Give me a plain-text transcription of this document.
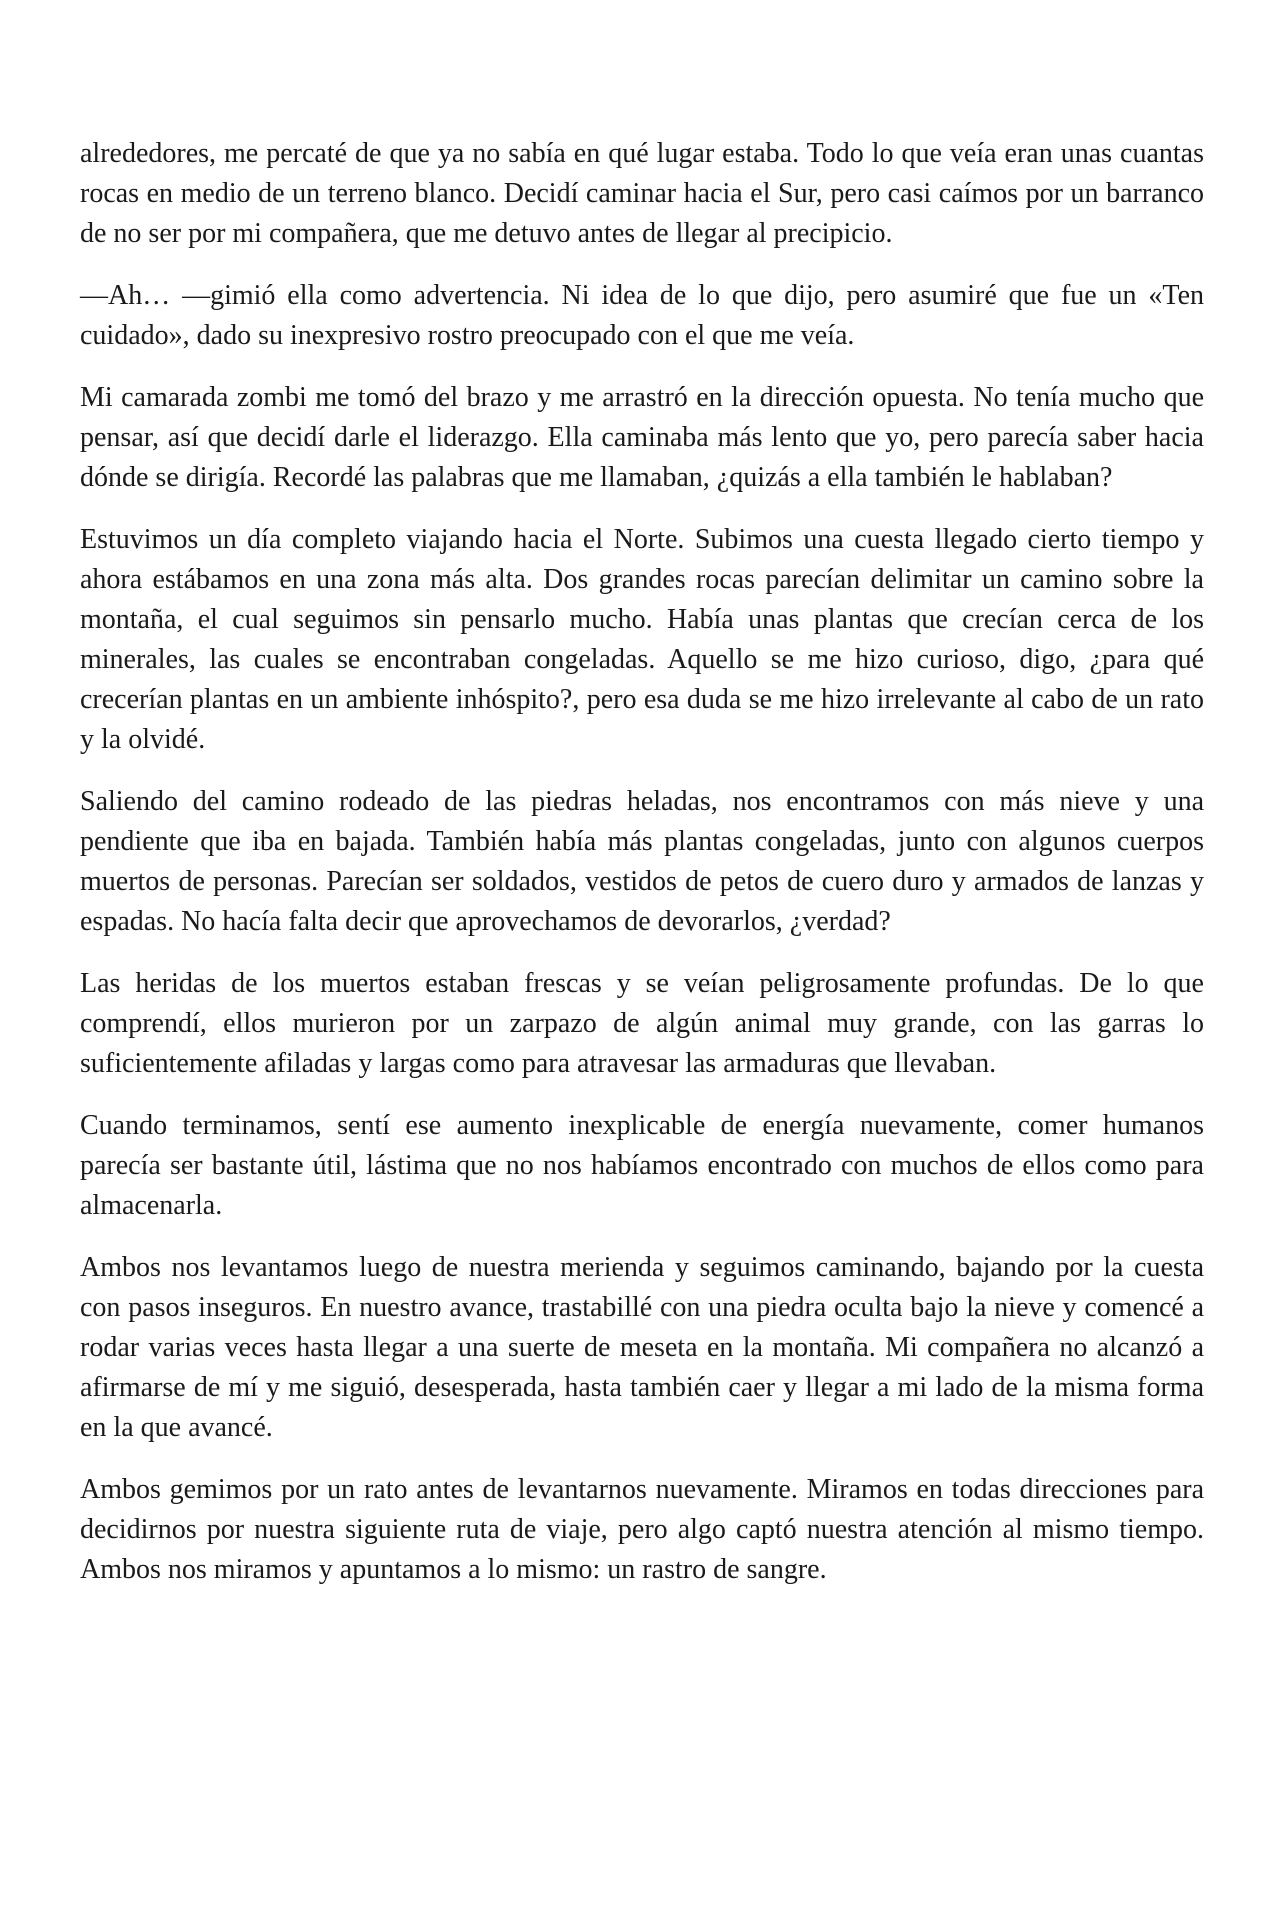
alrededores, me percaté de que ya no sabía en qué lugar estaba. Todo lo que veía eran unas cuantas rocas en medio de un terreno blanco. Decidí caminar hacia el Sur, pero casi caímos por un barranco de no ser por mi compañera, que me detuvo antes de llegar al precipicio.

—Ah… —gimió ella como advertencia. Ni idea de lo que dijo, pero asumiré que fue un «Ten cuidado», dado su inexpresivo rostro preocupado con el que me veía.

Mi camarada zombi me tomó del brazo y me arrastró en la dirección opuesta. No tenía mucho que pensar, así que decidí darle el liderazgo. Ella caminaba más lento que yo, pero parecía saber hacia dónde se dirigía. Recordé las palabras que me llamaban, ¿quizás a ella también le hablaban?

Estuvimos un día completo viajando hacia el Norte. Subimos una cuesta llegado cierto tiempo y ahora estábamos en una zona más alta. Dos grandes rocas parecían delimitar un camino sobre la montaña, el cual seguimos sin pensarlo mucho. Había unas plantas que crecían cerca de los minerales, las cuales se encontraban congeladas. Aquello se me hizo curioso, digo, ¿para qué crecerían plantas en un ambiente inhóspito?, pero esa duda se me hizo irrelevante al cabo de un rato y la olvidé.

Saliendo del camino rodeado de las piedras heladas, nos encontramos con más nieve y una pendiente que iba en bajada. También había más plantas congeladas, junto con algunos cuerpos muertos de personas. Parecían ser soldados, vestidos de petos de cuero duro y armados de lanzas y espadas. No hacía falta decir que aprovechamos de devorarlos, ¿verdad?

Las heridas de los muertos estaban frescas y se veían peligrosamente profundas. De lo que comprendí, ellos murieron por un zarpazo de algún animal muy grande, con las garras lo suficientemente afiladas y largas como para atravesar las armaduras que llevaban.

Cuando terminamos, sentí ese aumento inexplicable de energía nuevamente, comer humanos parecía ser bastante útil, lástima que no nos habíamos encontrado con muchos de ellos como para almacenarla.

Ambos nos levantamos luego de nuestra merienda y seguimos caminando, bajando por la cuesta con pasos inseguros. En nuestro avance, trastabillé con una piedra oculta bajo la nieve y comencé a rodar varias veces hasta llegar a una suerte de meseta en la montaña. Mi compañera no alcanzó a afirmarse de mí y me siguió, desesperada, hasta también caer y llegar a mi lado de la misma forma en la que avancé.

Ambos gemimos por un rato antes de levantarnos nuevamente. Miramos en todas direcciones para decidirnos por nuestra siguiente ruta de viaje, pero algo captó nuestra atención al mismo tiempo. Ambos nos miramos y apuntamos a lo mismo: un rastro de sangre.
